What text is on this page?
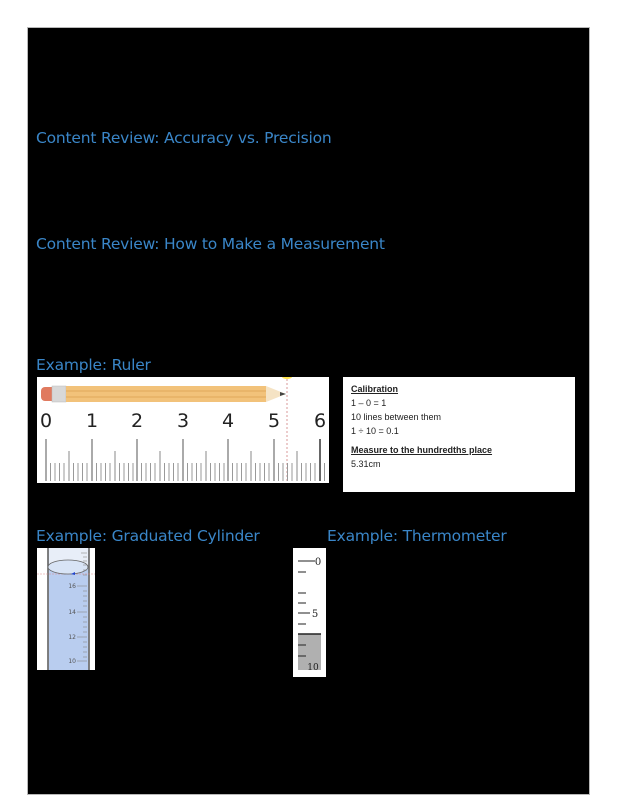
Content Review: Accuracy vs. Precision
Content Review: How to Make a Measurement
Example: Ruler
0 1 2 3 4 5 6
Calibration
1 – 0 = 1
10 lines between them
1 ÷ 10 = 0.1
Measure to the hundredths place
5.31cm
Example: Graduated Cylinder	Example: Thermometer
16
14
12
10
0
5
10
